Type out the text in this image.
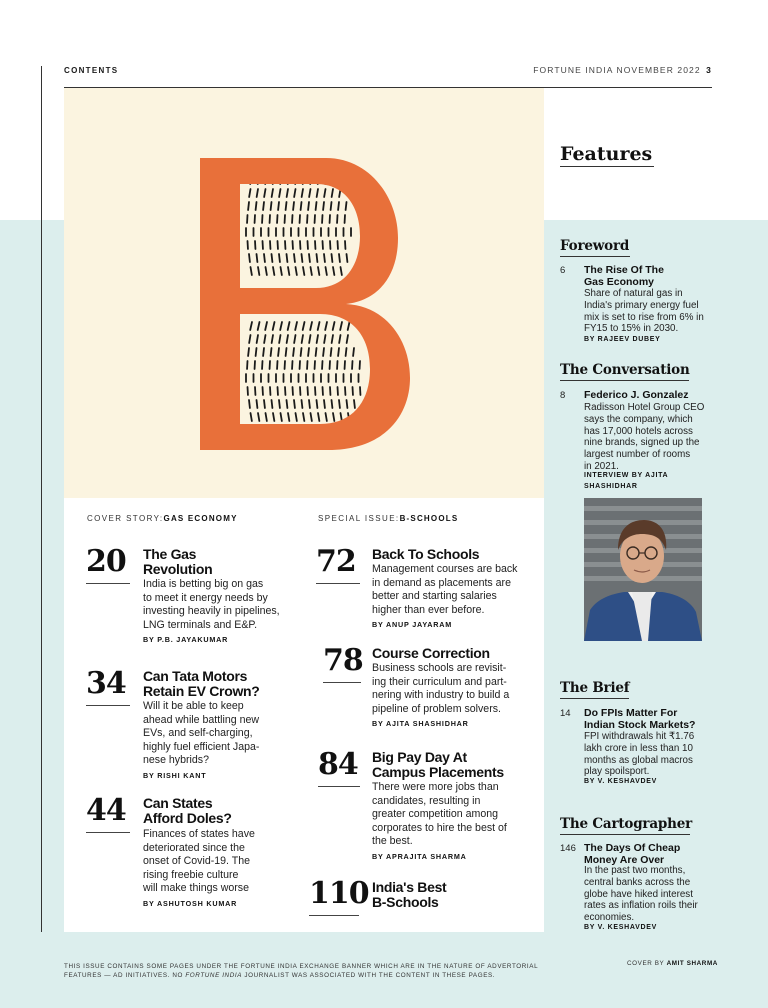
CONTENTS	FORTUNE INDIA NOVEMBER 2022 3
COVER STORY:GAS ECONOMY	SPECIAL ISSUE:B-SCHOOLS
20 The Gas
Revolution
India is betting big on gas
to meet it energy needs by
investing heavily in pipelines,
LNG terminals and E&P.
BY P.B. JAYAKUMAR
34 Can Tata Motors
Retain EV Crown?
Will it be able to keep
ahead while battling new
EVs, and self-charging,
highly fuel efficient Japa-
nese hybrids?
BY RISHI KANT
44 Can States
Afford Doles?
Finances of states have
deteriorated since the
onset of Covid-19. The
rising freebie culture
will make things worse
BY ASHUTOSH KUMAR
72 Back To Schools
Management courses are back
in demand as placements are
better and starting salaries
higher than ever before.
BY ANUP JAYARAM
78 Course Correction
Business schools are revisit-
ing their curriculum and part-
nering with industry to build a
pipeline of problem solvers.
BY AJITA SHASHIDHAR
84 Big Pay Day At
Campus Placements
There were more jobs than
candidates, resulting in
greater competition among
corporates to hire the best of
the best.
BY APRAJITA SHARMA
110 India's Best
B-Schools
Features
Foreword
6 The Rise Of The
Gas Economy
Share of natural gas in
India's primary energy fuel
mix is set to rise from 6% in
FY15 to 15% in 2030.
BY RAJEEV DUBEY
The Conversation
8 Federico J. Gonzalez
Radisson Hotel Group CEO
says the company, which
has 17,000 hotels across
nine brands, signed up the
largest number of rooms
in 2021.
INTERVIEW BY AJITA
SHASHIDHAR
The Brief
14 Do FPIs Matter For
Indian Stock Markets?
FPI withdrawals hit ₹1.76
lakh crore in less than 10
months as global macros
play spoilsport.
BY V. KESHAVDEV
The Cartographer
146 The Days Of Cheap
Money Are Over
In the past two months,
central banks across the
globe have hiked interest
rates as inflation roils their
economies.
BY V. KESHAVDEV
THIS ISSUE CONTAINS SOME PAGES UNDER THE FORTUNE INDIA EXCHANGE BANNER WHICH ARE IN THE NATURE OF ADVERTORIAL
FEATURES — AD INITIATIVES. NO FORTUNE INDIA JOURNALIST WAS ASSOCIATED WITH THE CONTENT IN THESE PAGES.
COVER BY AMIT SHARMA
